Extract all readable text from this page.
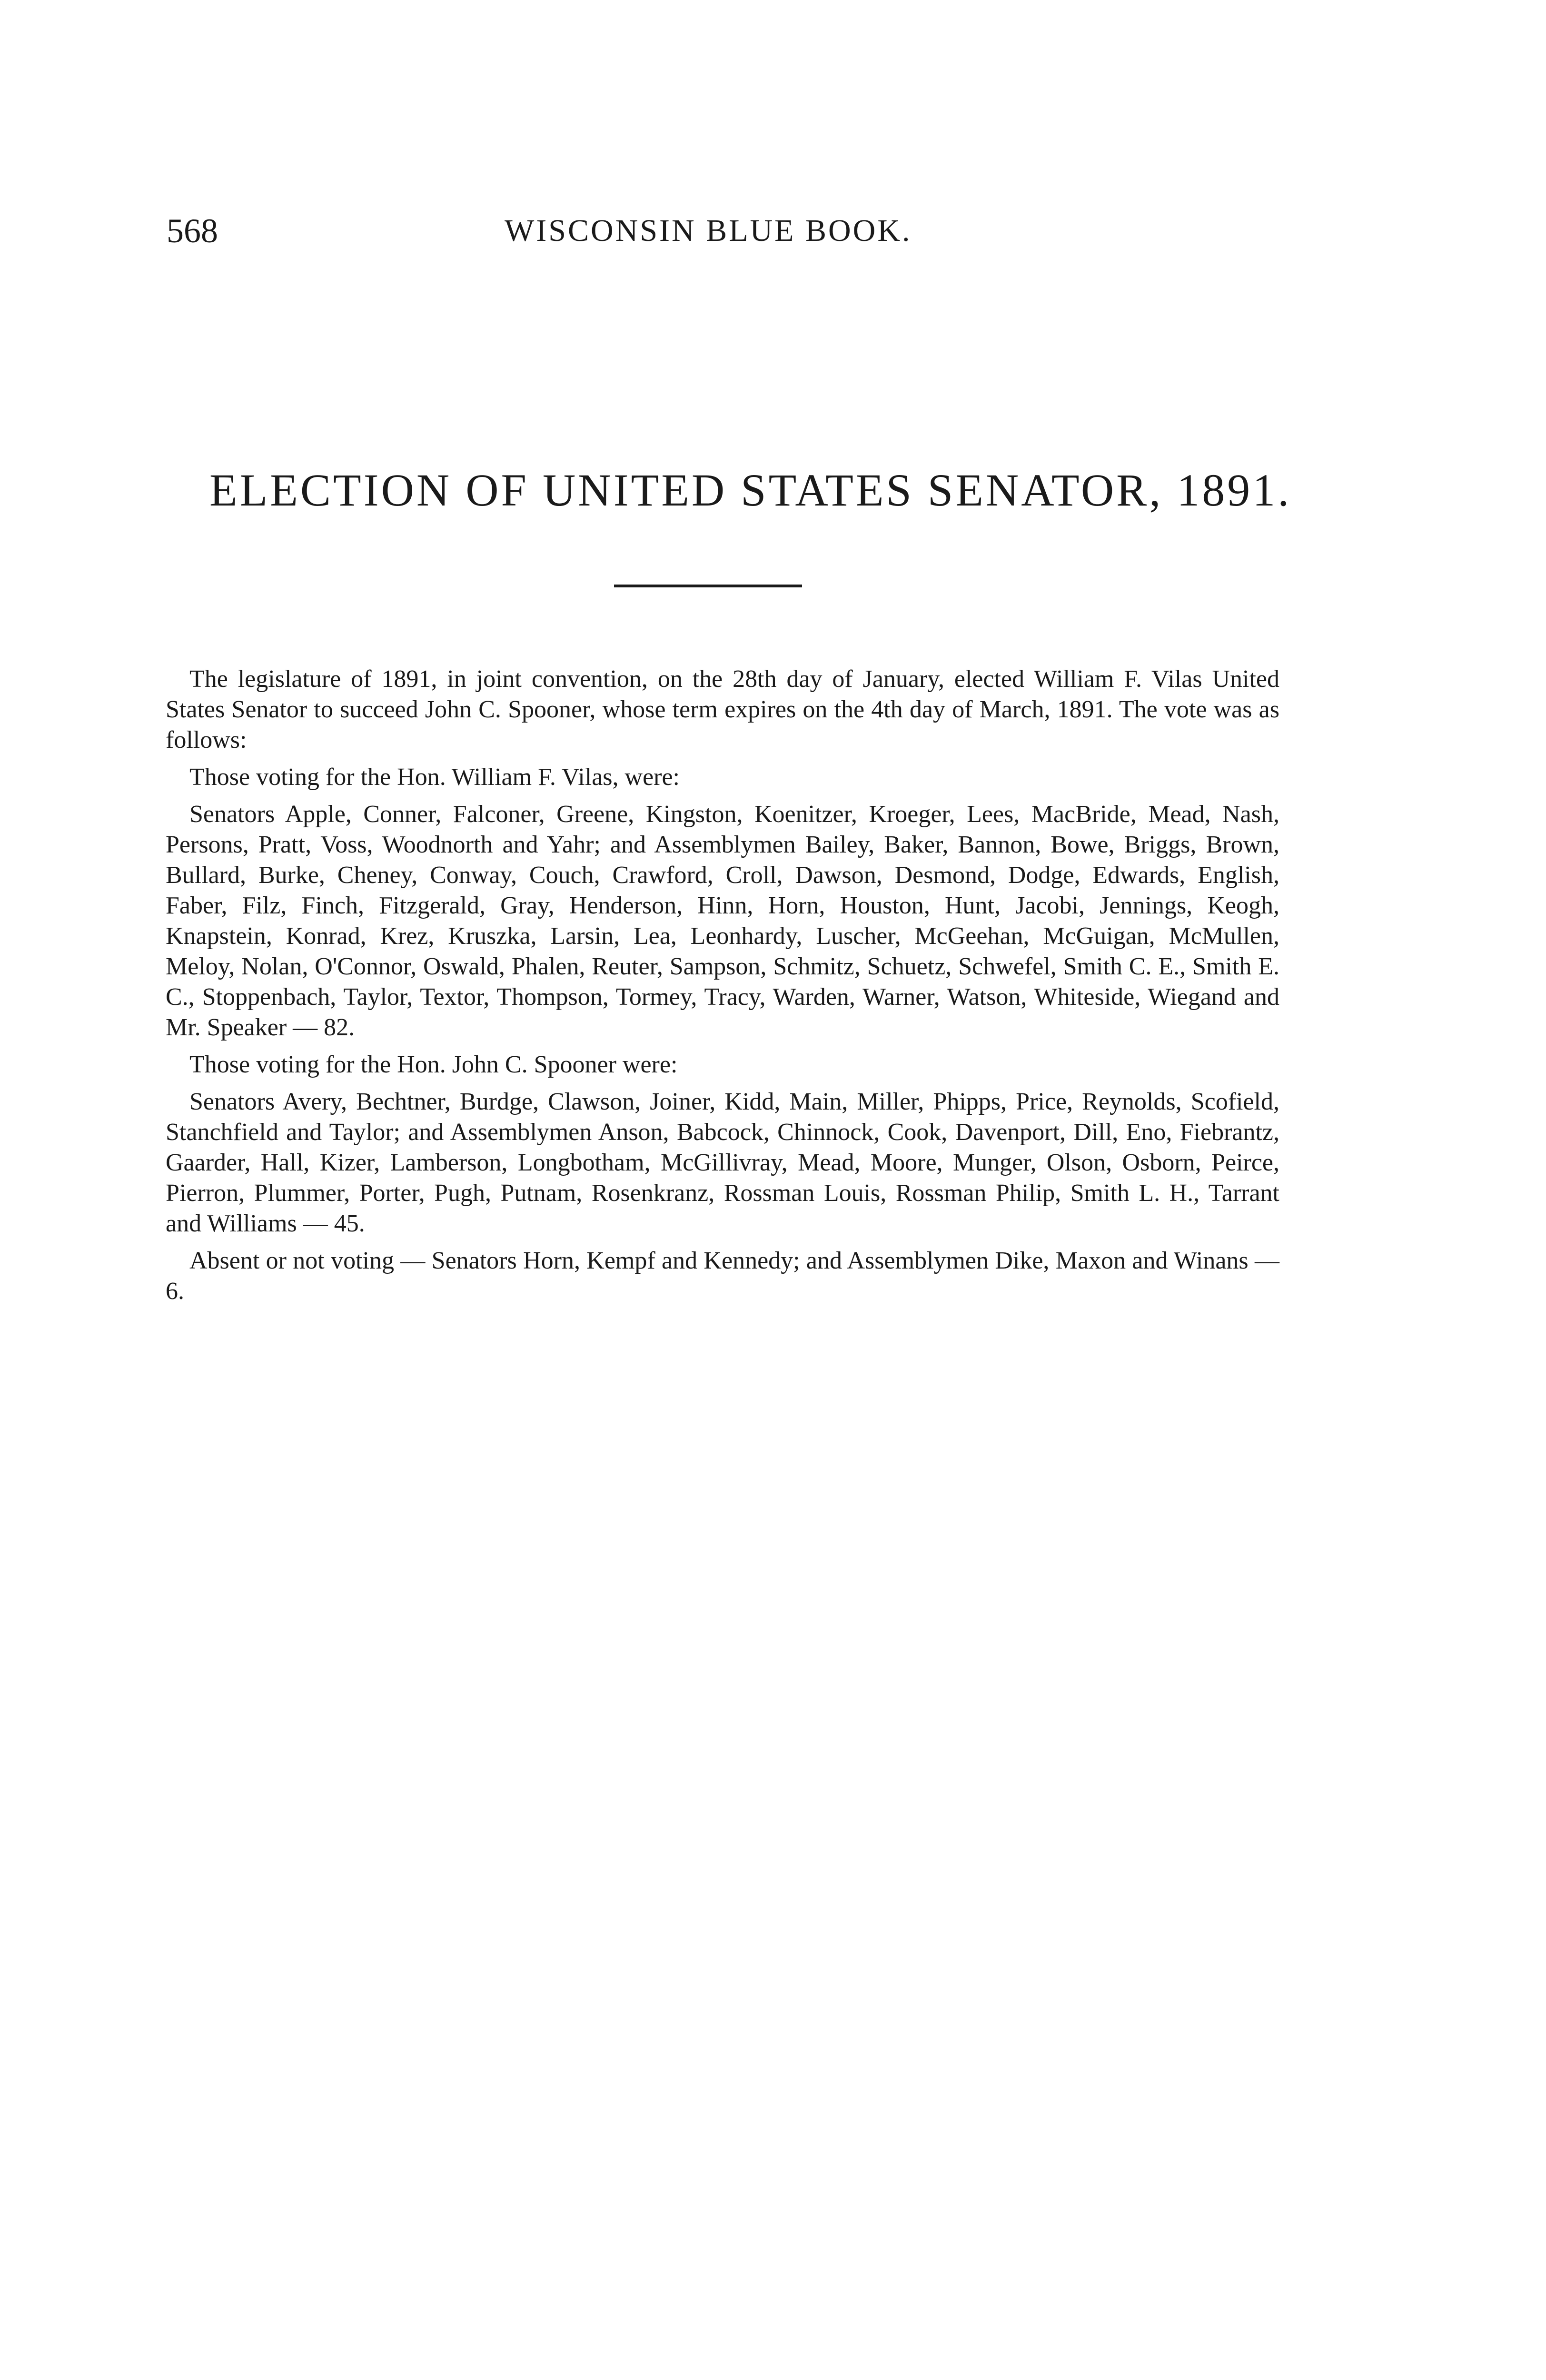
568	WISCONSIN BLUE BOOK.
ELECTION OF UNITED STATES SENATOR, 1891.

The legislature of 1891, in joint convention, on the 28th day of January, elected William F. Vilas United States Senator to succeed John C. Spooner, whose term expires on the 4th day of March, 1891. The vote was as follows:

Those voting for the Hon. William F. Vilas, were:

Senators Apple, Conner, Falconer, Greene, Kingston, Koenitzer, Kroeger, Lees, MacBride, Mead, Nash, Persons, Pratt, Voss, Woodnorth and Yahr; and Assemblymen Bailey, Baker, Bannon, Bowe, Briggs, Brown, Bullard, Burke, Cheney, Conway, Couch, Crawford, Croll, Dawson, Desmond, Dodge, Edwards, English, Faber, Filz, Finch, Fitzgerald, Gray, Henderson, Hinn, Horn, Houston, Hunt, Jacobi, Jennings, Keogh, Knapstein, Konrad, Krez, Kruszka, Larsin, Lea, Leonhardy, Luscher, McGeehan, McGuigan, McMullen, Meloy, Nolan, O'Connor, Oswald, Phalen, Reuter, Sampson, Schmitz, Schuetz, Schwefel, Smith C. E., Smith E. C., Stoppenbach, Taylor, Textor, Thompson, Tormey, Tracy, Warden, Warner, Watson, Whiteside, Wiegand and Mr. Speaker — 82.

Those voting for the Hon. John C. Spooner were:

Senators Avery, Bechtner, Burdge, Clawson, Joiner, Kidd, Main, Miller, Phipps, Price, Reynolds, Scofield, Stanchfield and Taylor; and Assemblymen Anson, Babcock, Chinnock, Cook, Davenport, Dill, Eno, Fiebrantz, Gaarder, Hall, Kizer, Lamberson, Longbotham, McGillivray, Mead, Moore, Munger, Olson, Osborn, Peirce, Pierron, Plummer, Porter, Pugh, Putnam, Rosenkranz, Rossman Louis, Rossman Philip, Smith L. H., Tarrant and Williams — 45.

Absent or not voting — Senators Horn, Kempf and Kennedy; and Assemblymen Dike, Maxon and Winans — 6.
